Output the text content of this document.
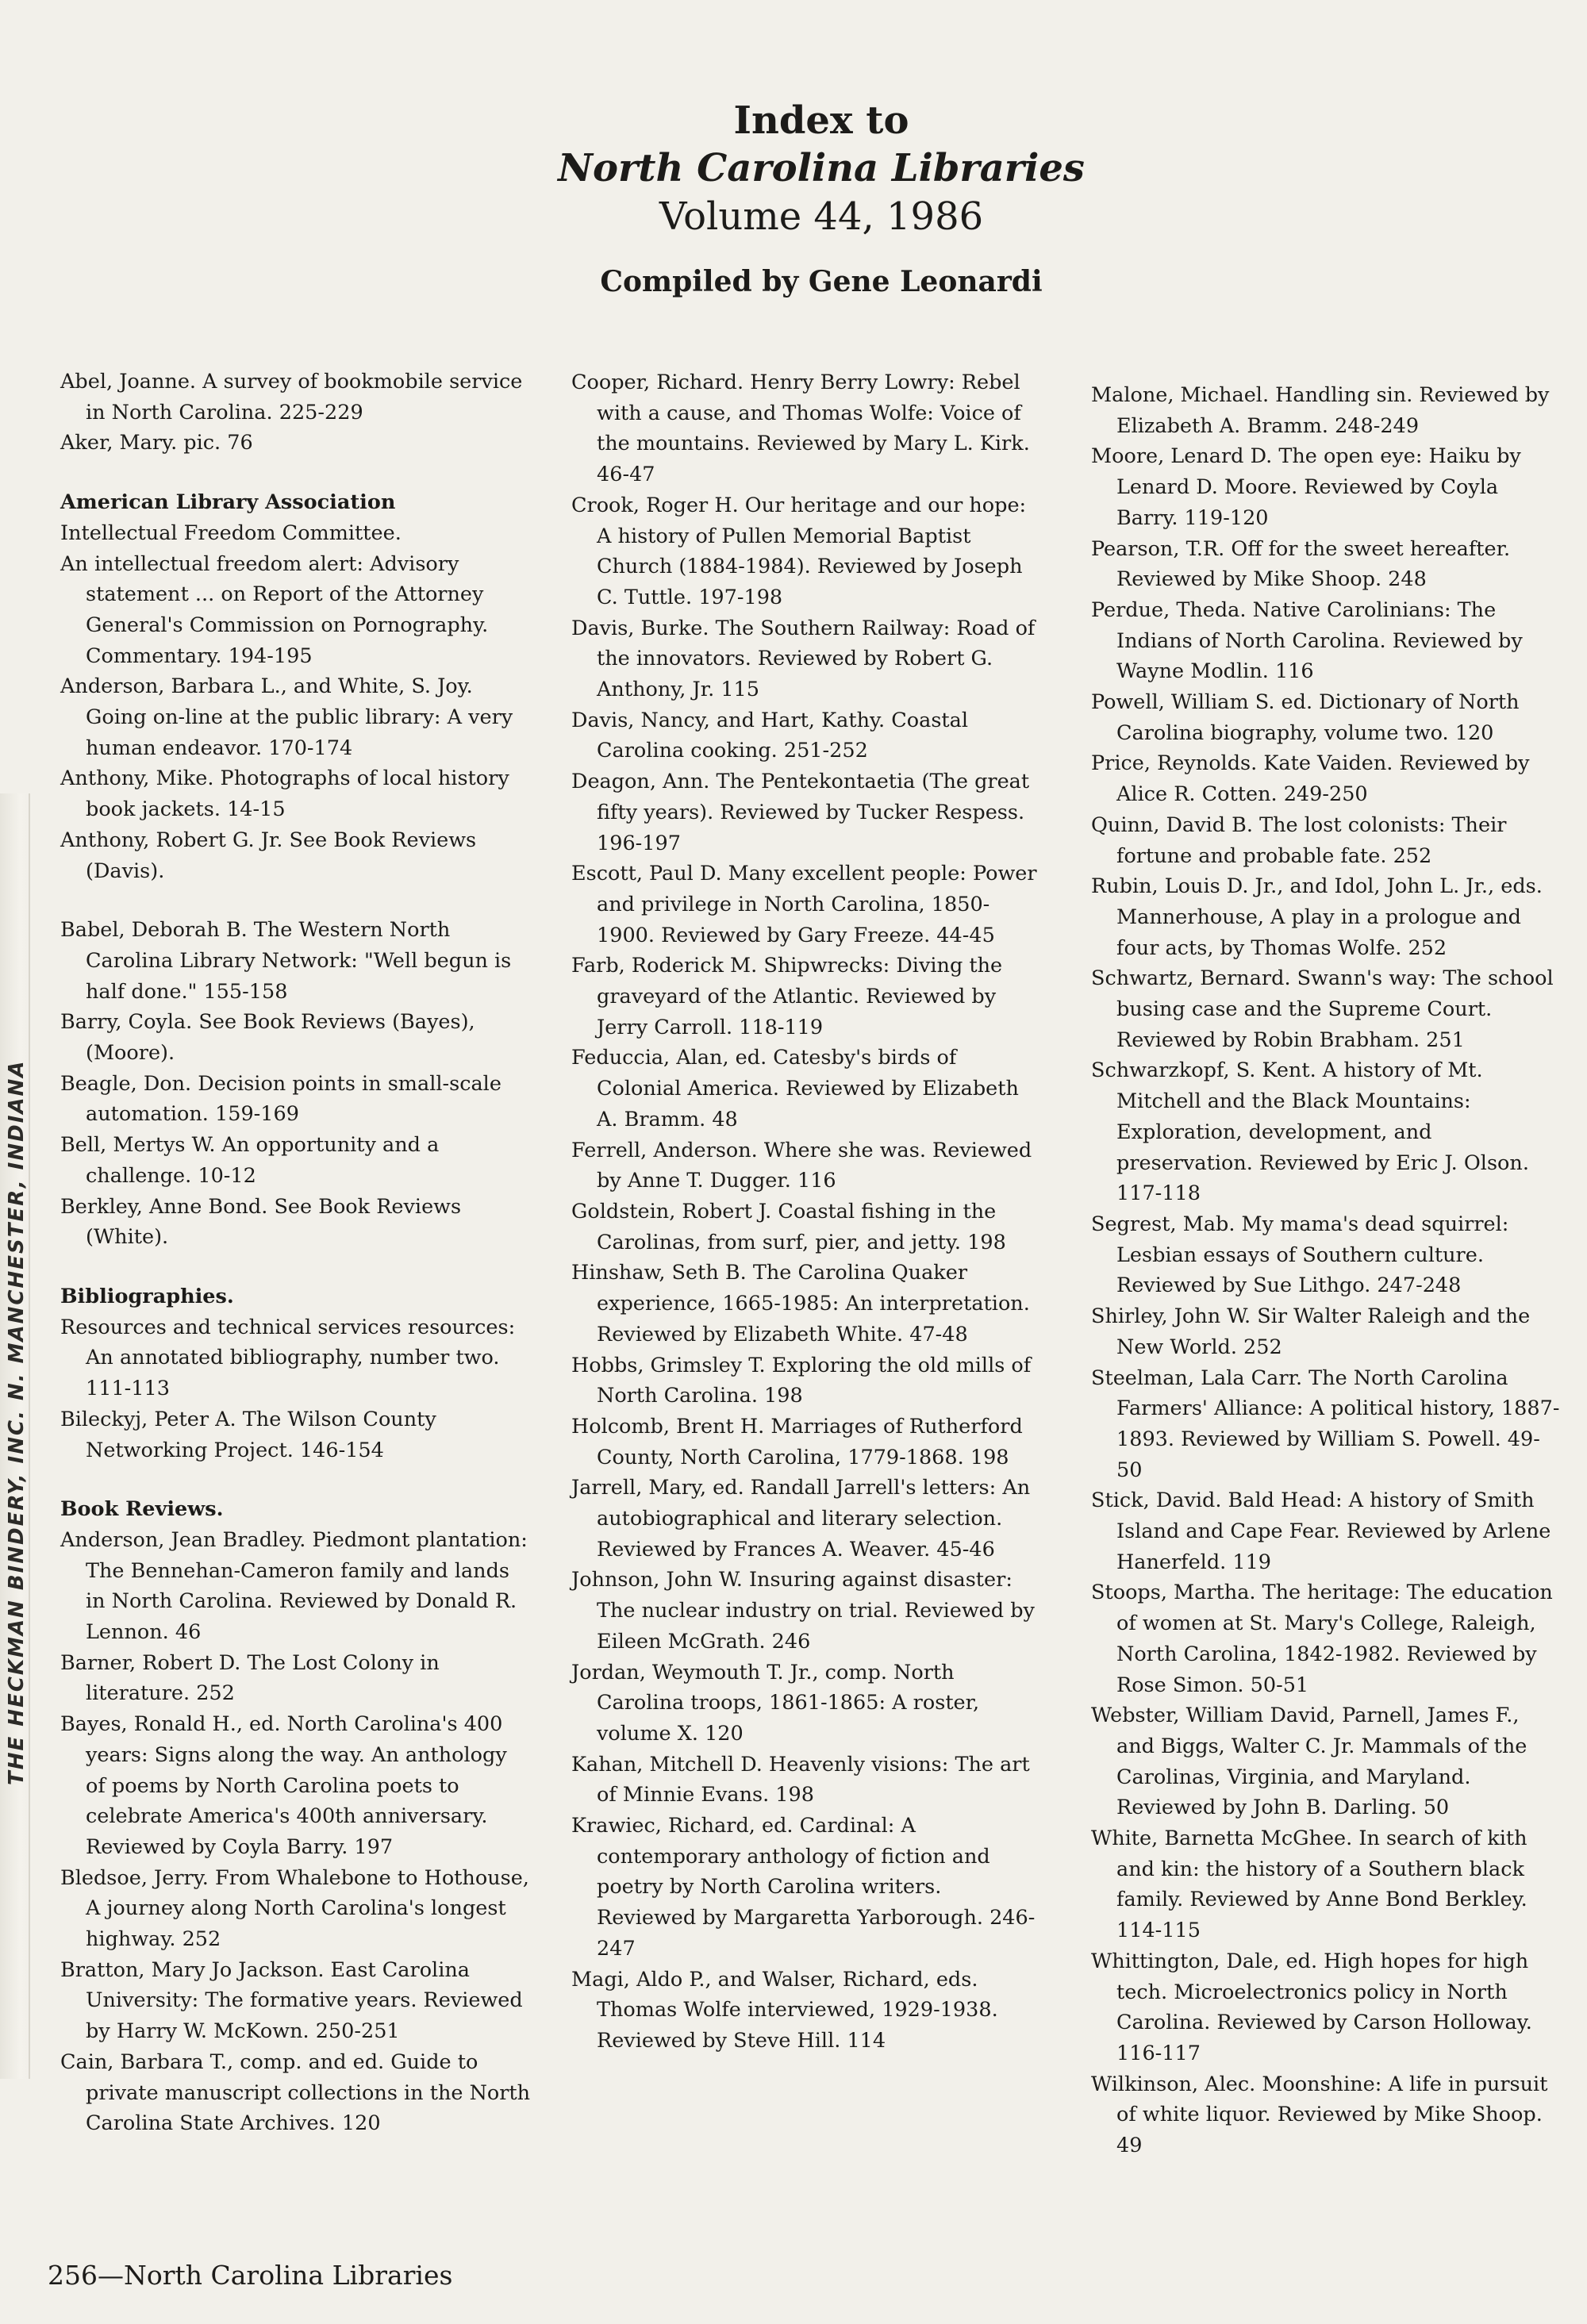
Index to
North Carolina Libraries
Volume 44, 1986
Compiled by Gene Leonardi
Abel, Joanne. A survey of bookmobile service in North Carolina. 225-229
Aker, Mary. pic. 76
American Library Association
Intellectual Freedom Committee.
An intellectual freedom alert: Advisory statement ... on Report of the Attorney General's Commission on Pornography. Commentary. 194-195
Anderson, Barbara L., and White, S. Joy. Going on-line at the public library: A very human endeavor. 170-174
Anthony, Mike. Photographs of local history book jackets. 14-15
Anthony, Robert G. Jr. See Book Reviews (Davis).
Babel, Deborah B. The Western North Carolina Library Network: "Well begun is half done." 155-158
Barry, Coyla. See Book Reviews (Bayes), (Moore).
Beagle, Don. Decision points in small-scale automation. 159-169
Bell, Mertys W. An opportunity and a challenge. 10-12
Berkley, Anne Bond. See Book Reviews (White).
Bibliographies.
Resources and technical services resources: An annotated bibliography, number two. 111-113
Bileckyj, Peter A. The Wilson County Networking Project. 146-154
Book Reviews.
Anderson, Jean Bradley. Piedmont plantation: The Bennehan-Cameron family and lands in North Carolina. Reviewed by Donald R. Lennon. 46
Barner, Robert D. The Lost Colony in literature. 252
Bayes, Ronald H., ed. North Carolina's 400 years: Signs along the way. An anthology of poems by North Carolina poets to celebrate America's 400th anniversary. Reviewed by Coyla Barry. 197
Bledsoe, Jerry. From Whalebone to Hothouse, A journey along North Carolina's longest highway. 252
Bratton, Mary Jo Jackson. East Carolina University: The formative years. Reviewed by Harry W. McKown. 250-251
Cain, Barbara T., comp. and ed. Guide to private manuscript collections in the North Carolina State Archives. 120
Cooper, Richard. Henry Berry Lowry: Rebel with a cause, and Thomas Wolfe: Voice of the mountains. Reviewed by Mary L. Kirk. 46-47
Crook, Roger H. Our heritage and our hope: A history of Pullen Memorial Baptist Church (1884-1984). Reviewed by Joseph C. Tuttle. 197-198
Davis, Burke. The Southern Railway: Road of the innovators. Reviewed by Robert G. Anthony, Jr. 115
Davis, Nancy, and Hart, Kathy. Coastal Carolina cooking. 251-252
Deagon, Ann. The Pentekontaetia (The great fifty years). Reviewed by Tucker Respess. 196-197
Escott, Paul D. Many excellent people: Power and privilege in North Carolina, 1850-1900. Reviewed by Gary Freeze. 44-45
Farb, Roderick M. Shipwrecks: Diving the graveyard of the Atlantic. Reviewed by Jerry Carroll. 118-119
Feduccia, Alan, ed. Catesby's birds of Colonial America. Reviewed by Elizabeth A. Bramm. 48
Ferrell, Anderson. Where she was. Reviewed by Anne T. Dugger. 116
Goldstein, Robert J. Coastal fishing in the Carolinas, from surf, pier, and jetty. 198
Hinshaw, Seth B. The Carolina Quaker experience, 1665-1985: An interpretation. Reviewed by Elizabeth White. 47-48
Hobbs, Grimsley T. Exploring the old mills of North Carolina. 198
Holcomb, Brent H. Marriages of Rutherford County, North Carolina, 1779-1868. 198
Jarrell, Mary, ed. Randall Jarrell's letters: An autobiographical and literary selection. Reviewed by Frances A. Weaver. 45-46
Johnson, John W. Insuring against disaster: The nuclear industry on trial. Reviewed by Eileen McGrath. 246
Jordan, Weymouth T. Jr., comp. North Carolina troops, 1861-1865: A roster, volume X. 120
Kahan, Mitchell D. Heavenly visions: The art of Minnie Evans. 198
Krawiec, Richard, ed. Cardinal: A contemporary anthology of fiction and poetry by North Carolina writers. Reviewed by Margaretta Yarborough. 246-247
Magi, Aldo P., and Walser, Richard, eds. Thomas Wolfe interviewed, 1929-1938. Reviewed by Steve Hill. 114
Malone, Michael. Handling sin. Reviewed by Elizabeth A. Bramm. 248-249
Moore, Lenard D. The open eye: Haiku by Lenard D. Moore. Reviewed by Coyla Barry. 119-120
Pearson, T.R. Off for the sweet hereafter. Reviewed by Mike Shoop. 248
Perdue, Theda. Native Carolinians: The Indians of North Carolina. Reviewed by Wayne Modlin. 116
Powell, William S. ed. Dictionary of North Carolina biography, volume two. 120
Price, Reynolds. Kate Vaiden. Reviewed by Alice R. Cotten. 249-250
Quinn, David B. The lost colonists: Their fortune and probable fate. 252
Rubin, Louis D. Jr., and Idol, John L. Jr., eds. Mannerhouse, A play in a prologue and four acts, by Thomas Wolfe. 252
Schwartz, Bernard. Swann's way: The school busing case and the Supreme Court. Reviewed by Robin Brabham. 251
Schwarzkopf, S. Kent. A history of Mt. Mitchell and the Black Mountains: Exploration, development, and preservation. Reviewed by Eric J. Olson. 117-118
Segrest, Mab. My mama's dead squirrel: Lesbian essays of Southern culture. Reviewed by Sue Lithgo. 247-248
Shirley, John W. Sir Walter Raleigh and the New World. 252
Steelman, Lala Carr. The North Carolina Farmers' Alliance: A political history, 1887-1893. Reviewed by William S. Powell. 49-50
Stick, David. Bald Head: A history of Smith Island and Cape Fear. Reviewed by Arlene Hanerfeld. 119
Stoops, Martha. The heritage: The education of women at St. Mary's College, Raleigh, North Carolina, 1842-1982. Reviewed by Rose Simon. 50-51
Webster, William David, Parnell, James F., and Biggs, Walter C. Jr. Mammals of the Carolinas, Virginia, and Maryland. Reviewed by John B. Darling. 50
White, Barnetta McGhee. In search of kith and kin: the history of a Southern black family. Reviewed by Anne Bond Berkley. 114-115
Whittington, Dale, ed. High hopes for high tech. Microelectronics policy in North Carolina. Reviewed by Carson Holloway. 116-117
Wilkinson, Alec. Moonshine: A life in pursuit of white liquor. Reviewed by Mike Shoop. 49
256—North Carolina Libraries
